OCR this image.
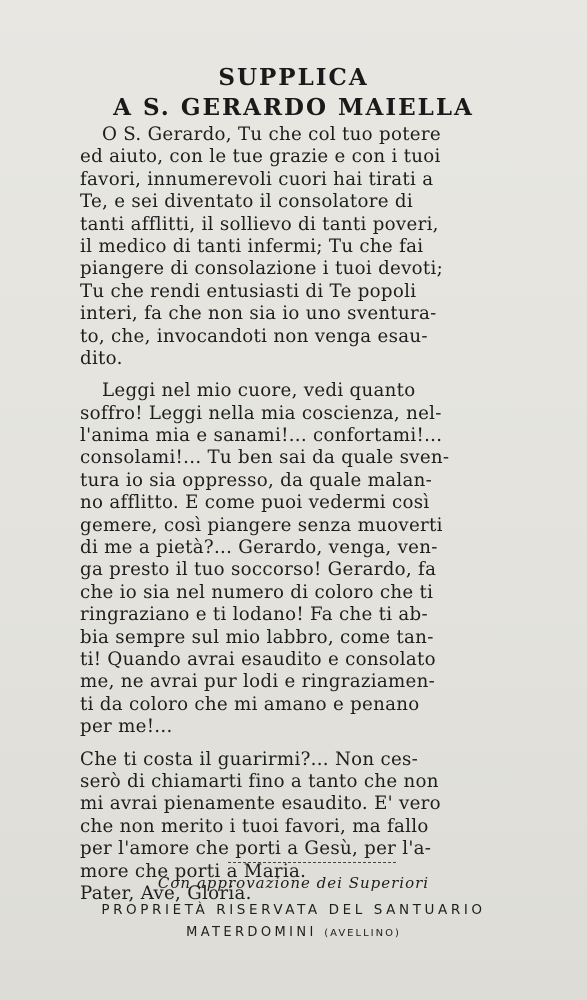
SUPPLICA
A S. GERARDO MAIELLA
O S. Gerardo, Tu che col tuo potere
ed aiuto, con le tue grazie e con i tuoi
favori, innumerevoli cuori hai tirati a
Te, e sei diventato il consolatore di
tanti afflitti, il sollievo di tanti poveri,
il medico di tanti infermi; Tu che fai
piangere di consolazione i tuoi devoti;
Tu che rendi entusiasti di Te popoli
interi, fa che non sia io uno sventura-
to, che, invocandoti non venga esau-
dito.
Leggi nel mio cuore, vedi quanto
soffro! Leggi nella mia coscienza, nel-
l'anima mia e sanami!... confortami!...
consolami!... Tu ben sai da quale sven-
tura io sia oppresso, da quale malan-
no afflitto. E come puoi vedermi così
gemere, così piangere senza muoverti
di me a pietà?... Gerardo, venga, ven-
ga presto il tuo soccorso! Gerardo, fa
che io sia nel numero di coloro che ti
ringraziano e ti lodano! Fa che ti ab-
bia sempre sul mio labbro, come tan-
ti! Quando avrai esaudito e consolato
me, ne avrai pur lodi e ringraziamen-
ti da coloro che mi amano e penano
per me!...
Che ti costa il guarirmi?... Non ces-
serò di chiamarti fino a tanto che non
mi avrai pienamente esaudito. E' vero
che non merito i tuoi favori, ma fallo
per l'amore che porti a Gesù, per l'a-
more che porti a Maria.
Pater, Ave, Gloria.
Con approvazione dei Superiori
PROPRIETÀ RISERVATA DEL SANTUARIO
MATERDOMINI (AVELLINO)
